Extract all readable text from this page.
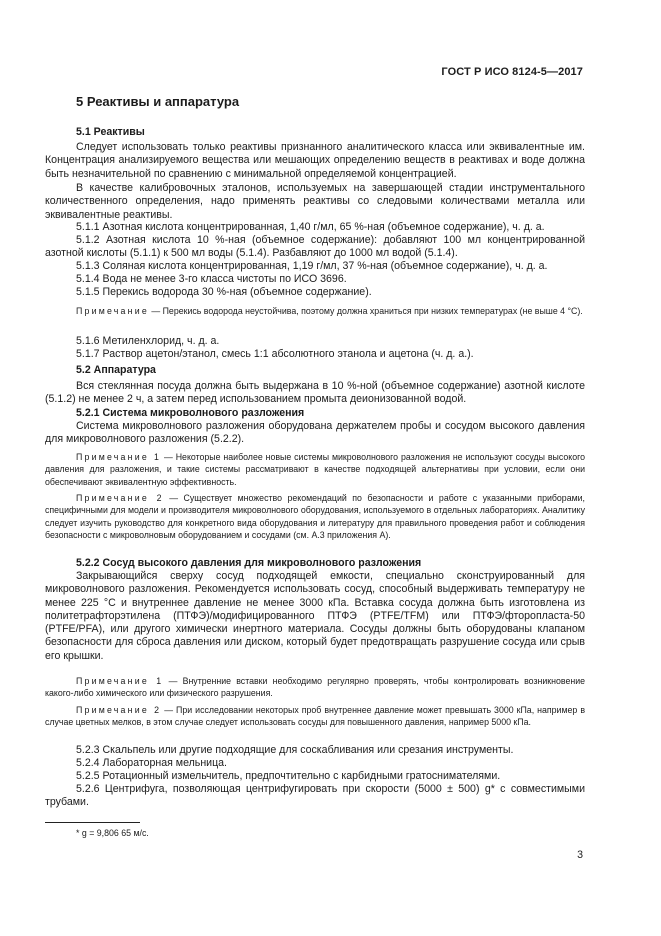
ГОСТ Р ИСО 8124-5—2017
5 Реактивы и аппаратура
5.1 Реактивы

Следует использовать только реактивы признанного аналитического класса или эквивалентные им. Концентрация анализируемого вещества или мешающих определению веществ в реактивах и воде должна быть незначительной по сравнению с минимальной определяемой концентрацией.

В качестве калибровочных эталонов, используемых на завершающей стадии инструментального количественного определения, надо применять реактивы со следовыми количествами металла или эквивалентные реактивы.

5.1.1 Азотная кислота концентрированная, 1,40 г/мл, 65 %-ная (объемное содержание), ч. д. а.

5.1.2 Азотная кислота 10 %-ная (объемное содержание): добавляют 100 мл концентрированной азотной кислоты (5.1.1) к 500 мл воды (5.1.4). Разбавляют до 1000 мл водой (5.1.4).

5.1.3 Соляная кислота концентрированная, 1,19 г/мл, 37 %-ная (объемное содержание), ч. д. а.

5.1.4 Вода не менее 3-го класса чистоты по ИСО 3696.

5.1.5 Перекись водорода 30 %-ная (объемное содержание).

Примечание — Перекись водорода неустойчива, поэтому должна храниться при низких температурах (не выше 4 °С).

5.1.6 Метиленхлорид, ч. д. а.

5.1.7 Раствор ацетон/этанол, смесь 1:1 абсолютного этанола и ацетона (ч. д. а.).

5.2 Аппаратура

Вся стеклянная посуда должна быть выдержана в 10 %-ной (объемное содержание) азотной кислоте (5.1.2) не менее 2 ч, а затем перед использованием промыта деионизованной водой.

5.2.1 Система микроволнового разложения

Система микроволнового разложения оборудована держателем пробы и сосудом высокого давления для микроволнового разложения (5.2.2).

Примечание 1 — Некоторые наиболее новые системы микроволнового разложения не используют сосуды высокого давления для разложения, и такие системы рассматривают в качестве подходящей альтернативы при условии, если они обеспечивают эквивалентную эффективность.

Примечание 2 — Существует множество рекомендаций по безопасности и работе с указанными приборами, специфичными для модели и производителя микроволнового оборудования, используемого в отдельных лабораториях. Аналитику следует изучить руководство для конкретного вида оборудования и литературу для правильного проведения работ и соблюдения безопасности с микроволновым оборудованием и сосудами (см. А.3 приложения А).

5.2.2 Сосуд высокого давления для микроволнового разложения

Закрывающийся сверху сосуд подходящей емкости, специально сконструированный для микроволнового разложения. Рекомендуется использовать сосуд, способный выдерживать температуру не менее 225 °С и внутреннее давление не менее 3000 кПа. Вставка сосуда должна быть изготовлена из политетрафторэтилена (ПТФЭ)/модифицированного ПТФЭ (PTFE/TFM) или ПТФЭ/фторопласта-50 (PTFE/PFA), или другого химически инертного материала. Сосуды должны быть оборудованы клапаном безопасности для сброса давления или диском, который будет предотвращать разрушение сосуда или срыв его крышки.

Примечание 1 — Внутренние вставки необходимо регулярно проверять, чтобы контролировать возникновение какого-либо химического или физического разрушения.

Примечание 2 — При исследовании некоторых проб внутреннее давление может превышать 3000 кПа, например в случае цветных мелков, в этом случае следует использовать сосуды для повышенного давления, например 5000 кПа.

5.2.3 Скальпель или другие подходящие для соскабливания или срезания инструменты.

5.2.4 Лабораторная мельница.

5.2.5 Ротационный измельчитель, предпочтительно с карбидными гратоснимателями.

5.2.6 Центрифуга, позволяющая центрифугировать при скорости (5000 ± 500) g* с совместимыми трубами.

* g = 9,806 65 м/с.
3
